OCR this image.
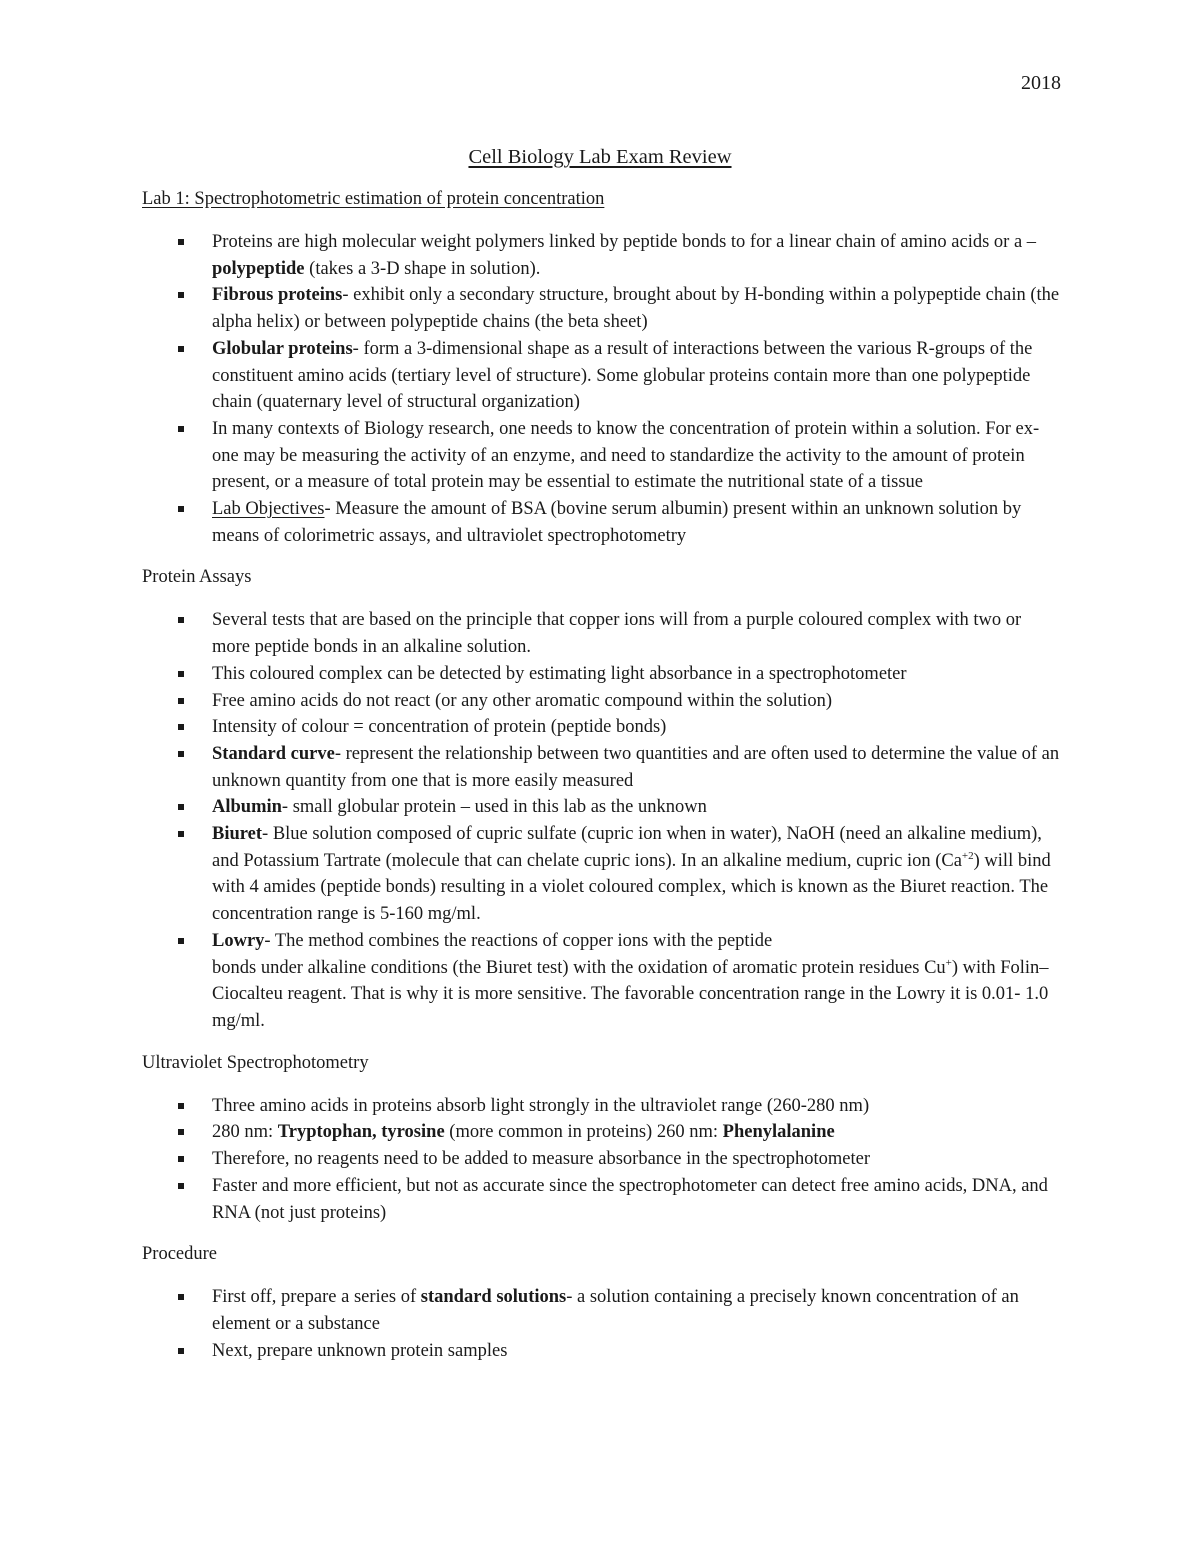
2018
Cell Biology Lab Exam Review

Lab 1: Spectrophotometric estimation of protein concentration

Proteins are high molecular weight polymers linked by peptide bonds to for a linear chain of amino acids or a – polypeptide (takes a 3-D shape in solution).
Fibrous proteins- exhibit only a secondary structure, brought about by H-bonding within a polypeptide chain (the alpha helix) or between polypeptide chains (the beta sheet)
Globular proteins- form a 3-dimensional shape as a result of interactions between the various R-groups of the constituent amino acids (tertiary level of structure). Some globular proteins contain more than one polypeptide chain (quaternary level of structural organization)
In many contexts of Biology research, one needs to know the concentration of protein within a solution. For ex- one may be measuring the activity of an enzyme, and need to standardize the activity to the amount of protein present, or a measure of total protein may be essential to estimate the nutritional state of a tissue
Lab Objectives- Measure the amount of BSA (bovine serum albumin) present within an unknown solution by means of colorimetric assays, and ultraviolet spectrophotometry

Protein Assays

Several tests that are based on the principle that copper ions will from a purple coloured complex with two or more peptide bonds in an alkaline solution.
This coloured complex can be detected by estimating light absorbance in a spectrophotometer
Free amino acids do not react (or any other aromatic compound within the solution)
Intensity of colour = concentration of protein (peptide bonds)
Standard curve- represent the relationship between two quantities and are often used to determine the value of an unknown quantity from one that is more easily measured
Albumin- small globular protein – used in this lab as the unknown
Biuret- Blue solution composed of cupric sulfate (cupric ion when in water), NaOH (need an alkaline medium), and Potassium Tartrate (molecule that can chelate cupric ions). In an alkaline medium, cupric ion $(Ca^{+2})$ will bind with 4 amides (peptide bonds) resulting in a violet coloured complex, which is known as the Biuret reaction. The concentration range is 5-160 mg/ml.
Lowry- The method combines the reactions of copper ions with the peptide
bonds under alkaline conditions (the Biuret test) with the oxidation of aromatic protein residues Cu+) with Folin–Ciocalteu reagent. That is why it is more sensitive. The favorable concentration range in the Lowry it is 0.01- 1.0 mg/ml.

Ultraviolet Spectrophotometry

Three amino acids in proteins absorb light strongly in the ultraviolet range (260-280 nm)
280 nm: Tryptophan, tyrosine (more common in proteins) 260 nm: Phenylalanine
Therefore, no reagents need to be added to measure absorbance in the spectrophotometer
Faster and more efficient, but not as accurate since the spectrophotometer can detect free amino acids, DNA, and RNA (not just proteins)

Procedure

First off, prepare a series of standard solutions- a solution containing a precisely known concentration of an element or a substance
Next, prepare unknown protein samples
